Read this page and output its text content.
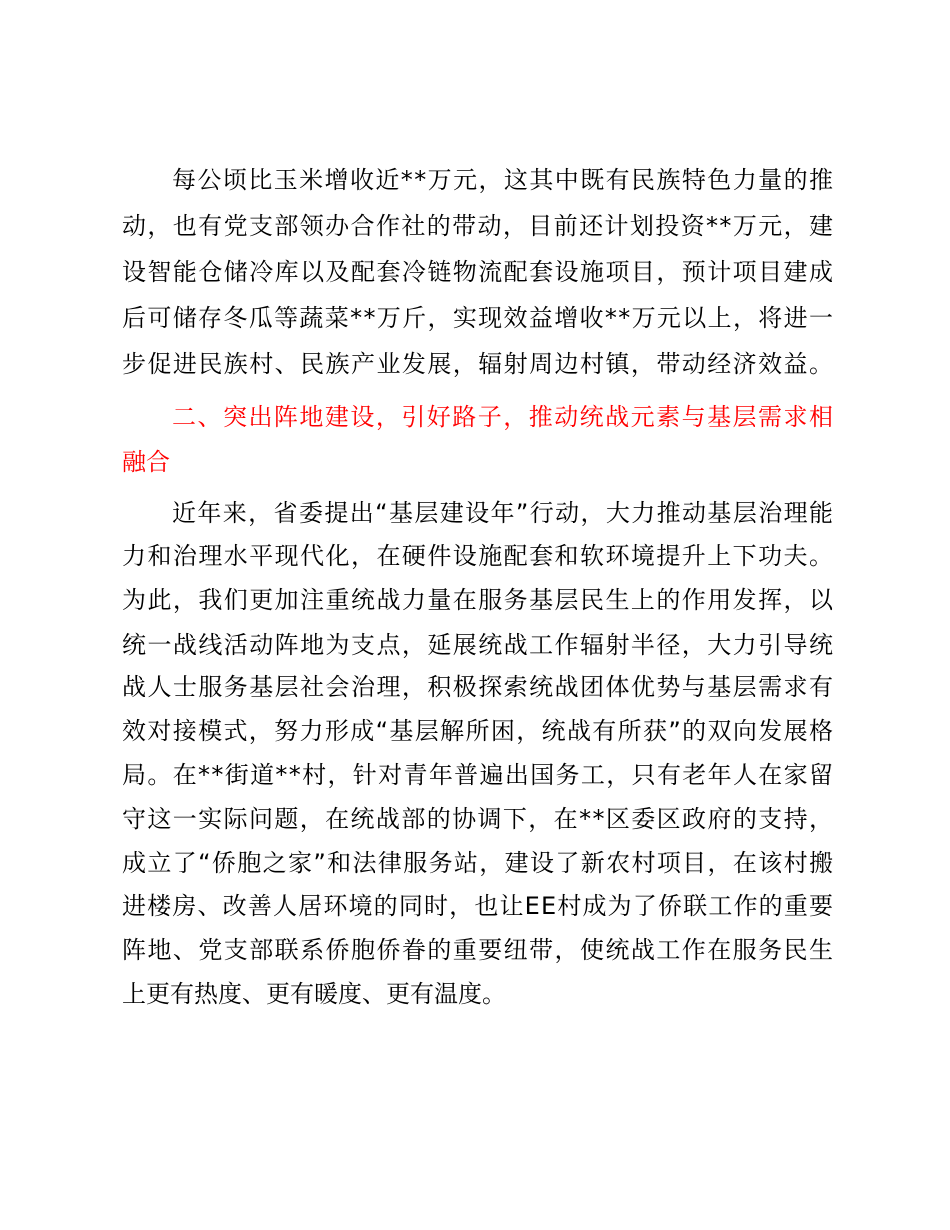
每公顷比玉米增收近**万元，这其中既有民族特色力量的推

动，也有党支部领办合作社的带动，目前还计划投资**万元，建

设智能仓储冷库以及配套冷链物流配套设施项目，预计项目建成

后可储存冬瓜等蔬菜**万斤，实现效益增收**万元以上，将进一

步促进民族村、民族产业发展，辐射周边村镇，带动经济效益。

二、突出阵地建设，引好路子，推动统战元素与基层需求相

融合

近年来，省委提出“基层建设年”行动，大力推动基层治理能

力和治理水平现代化，在硬件设施配套和软环境提升上下功夫。

为此，我们更加注重统战力量在服务基层民生上的作用发挥，以

统一战线活动阵地为支点，延展统战工作辐射半径，大力引导统

战人士服务基层社会治理，积极探索统战团体优势与基层需求有

效对接模式，努力形成“基层解所困，统战有所获”的双向发展格

局。在**街道**村，针对青年普遍出国务工，只有老年人在家留

守这一实际问题，在统战部的协调下，在**区委区政府的支持，

成立了“侨胞之家”和法律服务站，建设了新农村项目，在该村搬

进楼房、改善人居环境的同时，也让EE村成为了侨联工作的重要

阵地、党支部联系侨胞侨眷的重要纽带，使统战工作在服务民生

上更有热度、更有暖度、更有温度。
